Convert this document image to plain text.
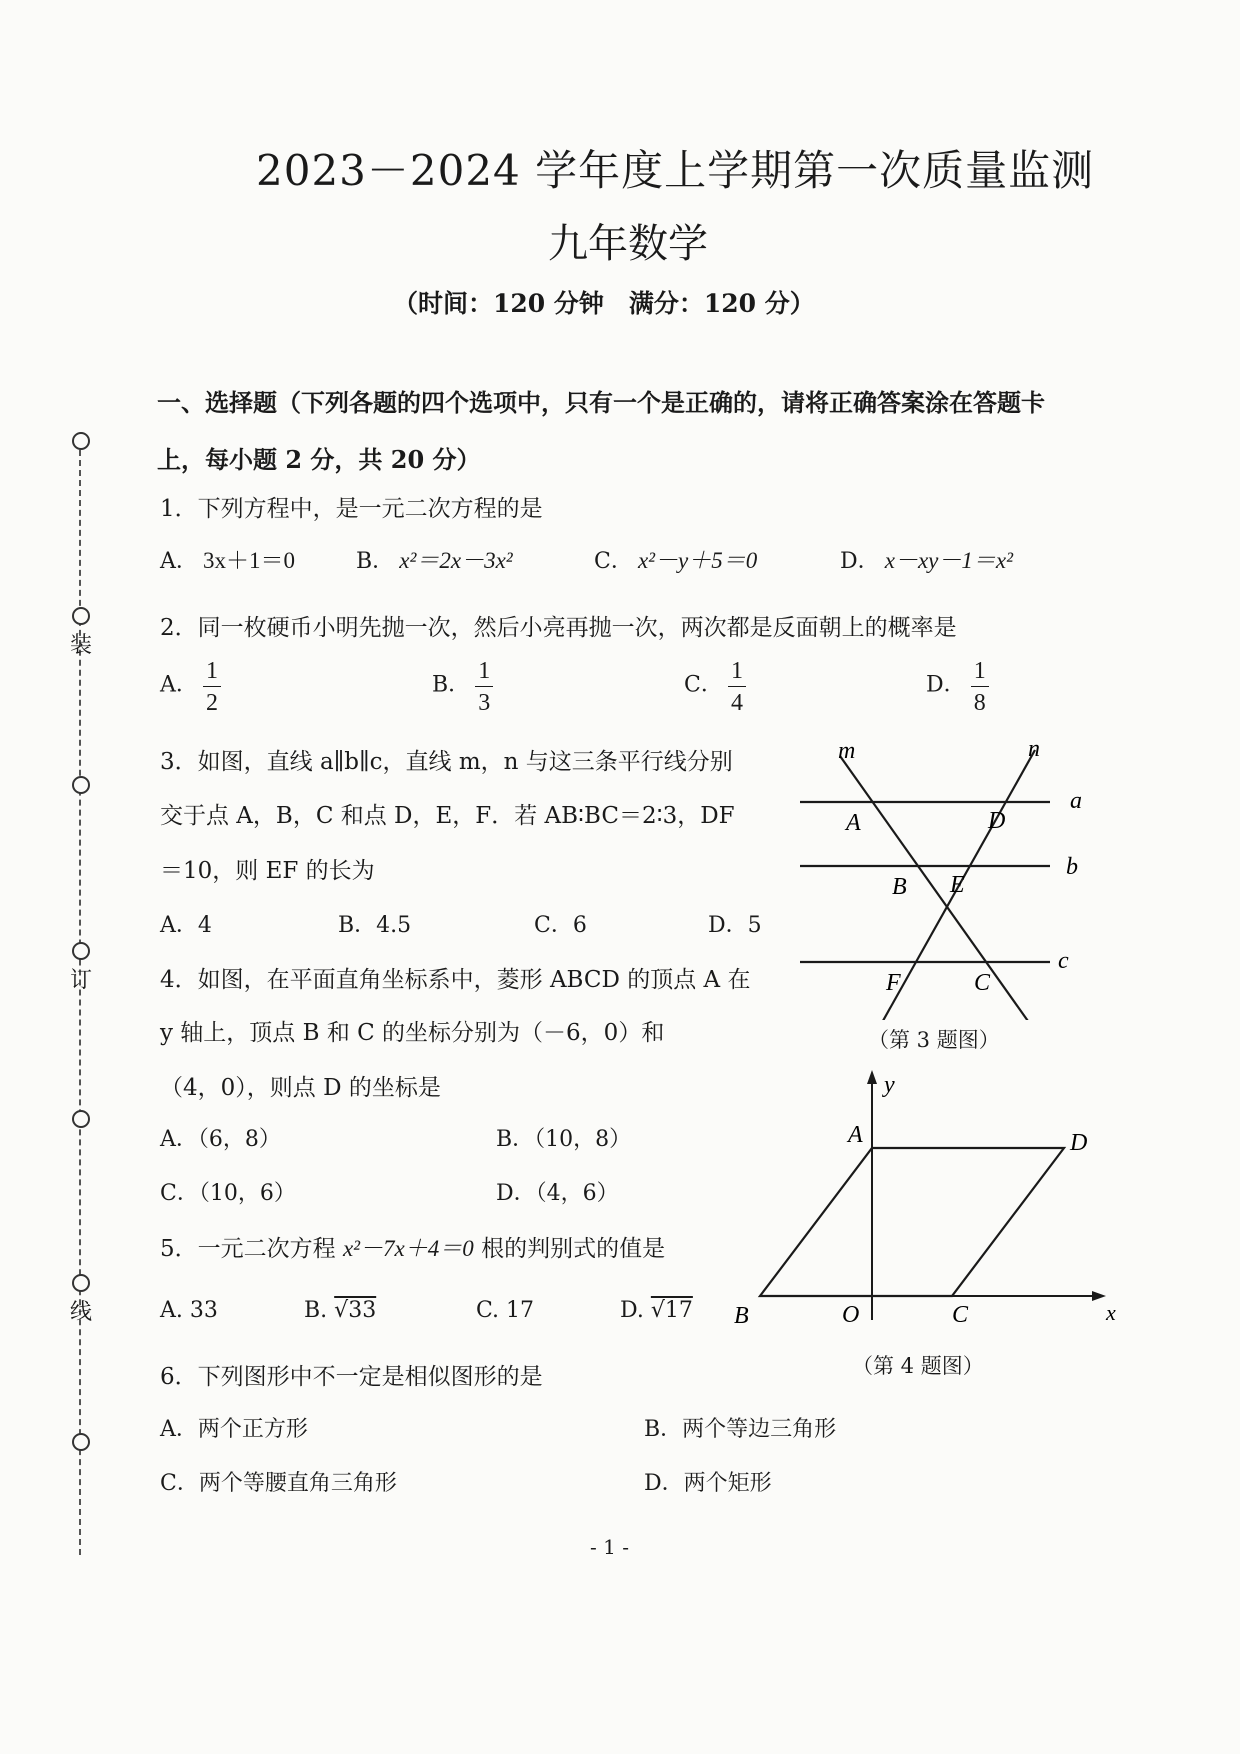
装
订
线
2023－2024 学年度上学期第一次质量监测
九年数学
（时间：120 分钟　满分：120 分）
一、选择题（下列各题的四个选项中，只有一个是正确的，请将正确答案涂在答题卡
上，每小题 2 分，共 20 分）
1．下列方程中，是一元二次方程的是
A． 3x＋1＝0	B． x²＝2x－3x²	C． x²－y＋5＝0	D． x－xy－1＝x²
2．同一枚硬币小明先抛一次，然后小亮再抛一次，两次都是反面朝上的概率是
A． $\frac{1}{2}$	B． $\frac{1}{3}$	C． $\frac{1}{4}$	D． $\frac{1}{8}$
3．如图，直线 a∥b∥c，直线 m，n 与这三条平行线分别
交于点 A，B，C 和点 D，E，F．若 AB∶BC＝2∶3，DF
＝10，则 EF 的长为
A．4	B．4.5	C．6	D．5
4．如图，在平面直角坐标系中，菱形 ABCD 的顶点 A 在
y 轴上，顶点 B 和 C 的坐标分别为（－6，0）和
（4，0），则点 D 的坐标是
A．（6，8）	B．（10，8）
C．（10，6）	D．（4，6）
5．一元二次方程 x²－7x＋4＝0 根的判别式的值是
A. 33	B. √33	C. 17	D. √17
6．下列图形中不一定是相似图形的是
A．两个正方形	B．两个等边三角形
C．两个等腰直角三角形	D．两个矩形
m	n
a
b
c
A	D
B E
F	C
（第 3 题图）
y
x
A	D
B	O	C
（第 4 题图）
- 1 -
